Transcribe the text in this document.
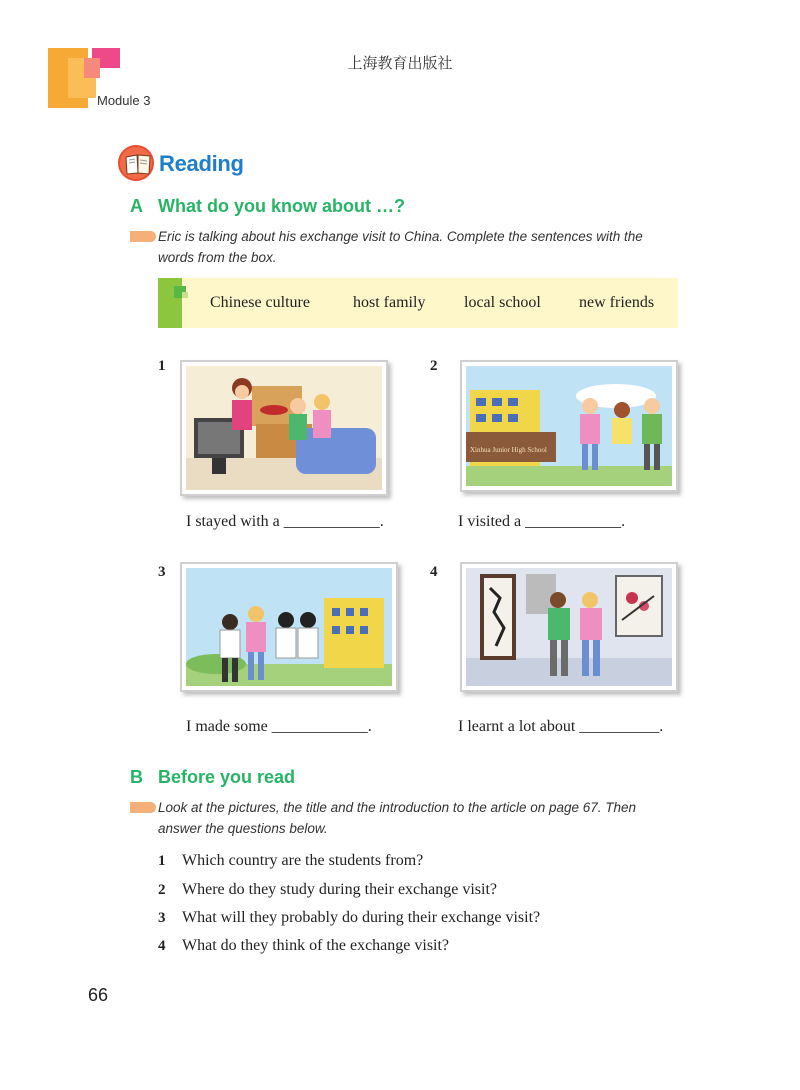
上海教育出版社
Module 3
Reading
A What do you know about …?
Eric is talking about his exchange visit to China. Complete the sentences with the words from the box.
Chinese culture	host family local school new friends
1
I stayed with a ____________.
2
Xinhua Junior High School
I visited a ____________.
3
I made some ____________.
4
I learnt a lot about __________.
B Before you read
Look at the pictures, the title and the introduction to the article on page 67. Then answer the questions below.
1 Which country are the students from?
2 Where do they study during their exchange visit?
3 What will they probably do during their exchange visit?
4 What do they think of the exchange visit?
66
